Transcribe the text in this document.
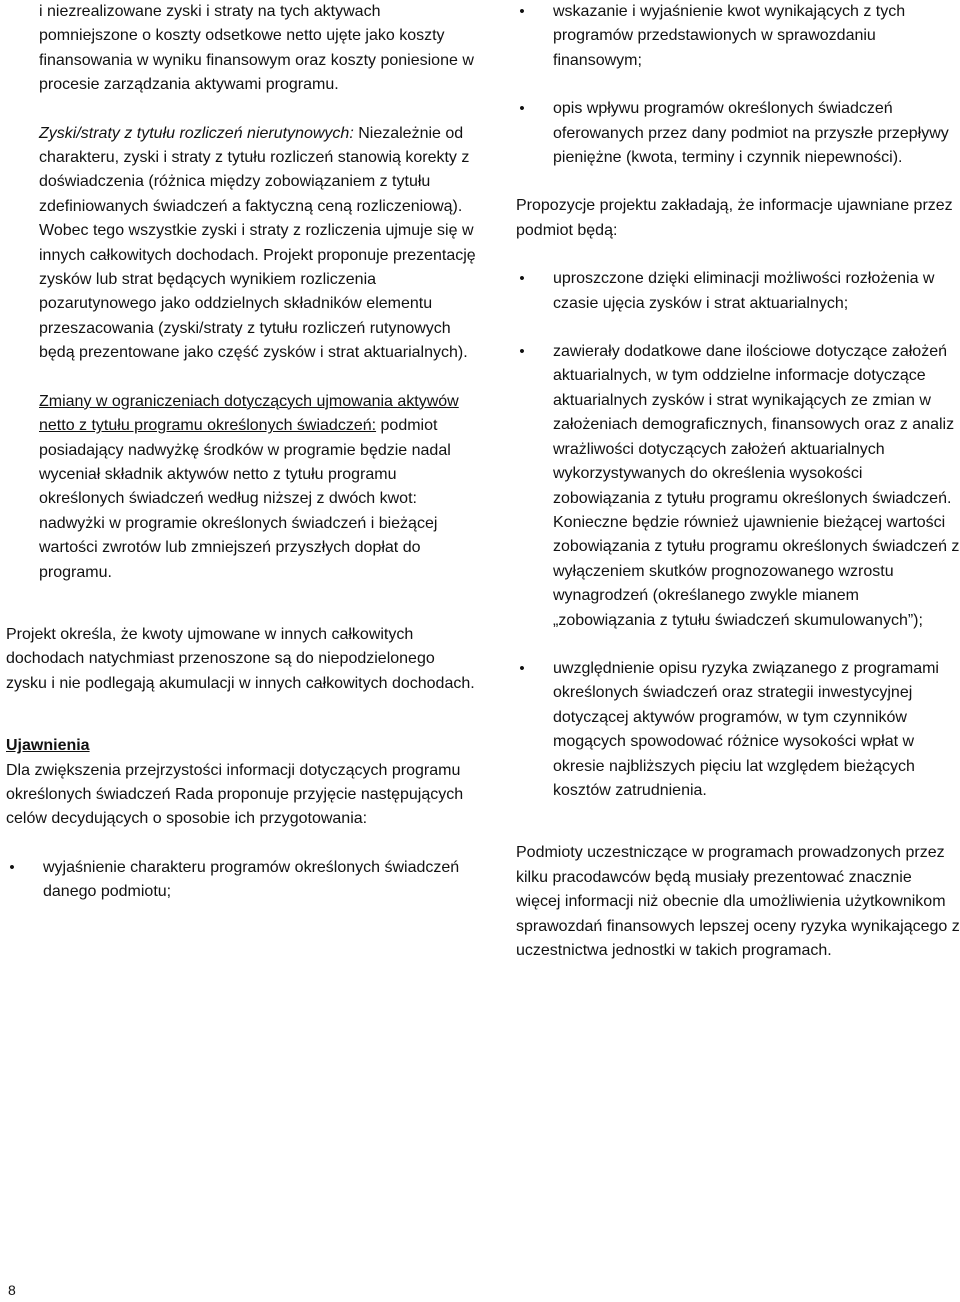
i niezrealizowane zyski i straty na tych aktywach pomniejszone o koszty odsetkowe netto ujęte jako koszty finansowania w wyniku finansowym oraz koszty poniesione w procesie zarządzania aktywami programu.

Zyski/straty z tytułu rozliczeń nierutynowych: Niezależnie od charakteru, zyski i straty z tytułu rozliczeń stanowią korekty z doświadczenia (różnica między zobowiązaniem z tytułu zdefiniowanych świadczeń a faktyczną ceną rozliczeniową). Wobec tego wszystkie zyski i straty z rozliczenia ujmuje się w innych całkowitych dochodach. Projekt proponuje prezentację zysków lub strat będących wynikiem rozliczenia pozarutynowego jako oddzielnych składników elementu przeszacowania (zyski/straty z tytułu rozliczeń rutynowych będą prezentowane jako część zysków i strat aktuarialnych).

Zmiany w ograniczeniach dotyczących ujmowania aktywów netto z tytułu programu określonych świadczeń: podmiot posiadający nadwyżkę środków w programie będzie nadal wyceniał składnik aktywów netto z tytułu programu określonych świadczeń według niższej z dwóch kwot: nadwyżki w programie określonych świadczeń i bieżącej wartości zwrotów lub zmniejszeń przyszłych dopłat do programu.

Projekt określa, że kwoty ujmowane w innych całkowitych dochodach natychmiast przenoszone są do niepodzielonego zysku i nie podlegają akumulacji w innych całkowitych dochodach.

Ujawnienia

Dla zwiększenia przejrzystości informacji dotyczących programu określonych świadczeń Rada proponuje przyjęcie następujących celów decydujących o sposobie ich przygotowania:

• wyjaśnienie charakteru programów określonych świadczeń danego podmiotu;
• wskazanie i wyjaśnienie kwot wynikających z tych programów przedstawionych w sprawozdaniu finansowym;
• opis wpływu programów określonych świadczeń oferowanych przez dany podmiot na przyszłe przepływy pieniężne (kwota, terminy i czynnik niepewności).

Propozycje projektu zakładają, że informacje ujawniane przez podmiot będą:

• uproszczone dzięki eliminacji możliwości rozłożenia w czasie ujęcia zysków i strat aktuarialnych;
• zawierały dodatkowe dane ilościowe dotyczące założeń aktuarialnych, w tym oddzielne informacje dotyczące aktuarialnych zysków i strat wynikających ze zmian w założeniach demograficznych, finansowych oraz z analiz wrażliwości dotyczących założeń aktuarialnych wykorzystywanych do określenia wysokości zobowiązania z tytułu programu określonych świadczeń. Konieczne będzie również ujawnienie bieżącej wartości zobowiązania z tytułu programu określonych świadczeń z wyłączeniem skutków prognozowanego wzrostu wynagrodzeń (określanego zwykle mianem „zobowiązania z tytułu świadczeń skumulowanych”);
• uwzględnienie opisu ryzyka związanego z programami określonych świadczeń oraz strategii inwestycyjnej dotyczącej aktywów programów, w tym czynników mogących spowodować różnice wysokości wpłat w okresie najbliższych pięciu lat względem bieżących kosztów zatrudnienia.

Podmioty uczestniczące w programach prowadzonych przez kilku pracodawców będą musiały prezentować znacznie więcej informacji niż obecnie dla umożliwienia użytkownikom sprawozdań finansowych lepszej oceny ryzyka wynikającego z uczestnictwa jednostki w takich programach.

8
